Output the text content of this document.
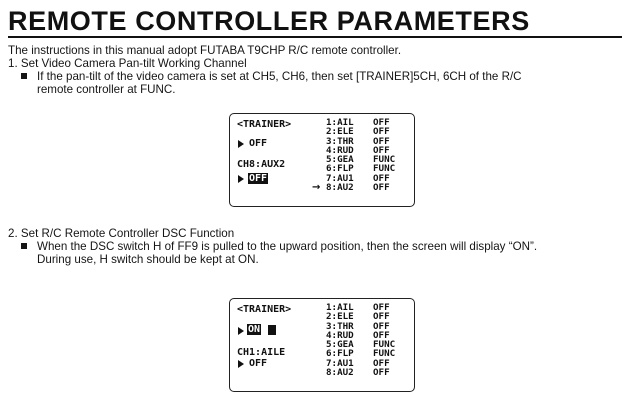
REMOTE CONTROLLER PARAMETERS
The instructions in this manual adopt FUTABA T9CHP R/C remote controller.
1. Set Video Camera Pan-tilt Working Channel
If the pan-tilt of the video camera is set at CH5, CH6, then set [TRAINER]5CH, 6CH of the R/C
remote controller at FUNC.
<TRAINER>
OFF
CH8:AUX2
OFF
1:AIL
2:ELE
3:THR
4:RUD
5:GEA
6:FLP
7:AU1
8:AU2
→
OFF
OFF
OFF
OFF
FUNC
FUNC
OFF
OFF
2. Set R/C Remote Controller DSC Function
When the DSC switch H of FF9 is pulled to the upward position, then the screen will display “ON”.
During use, H switch should be kept at ON.
<TRAINER>
ON
CH1:AILE
OFF
1:AIL
2:ELE
3:THR
4:RUD
5:GEA
6:FLP
7:AU1
8:AU2
OFF
OFF
OFF
OFF
FUNC
FUNC
OFF
OFF
